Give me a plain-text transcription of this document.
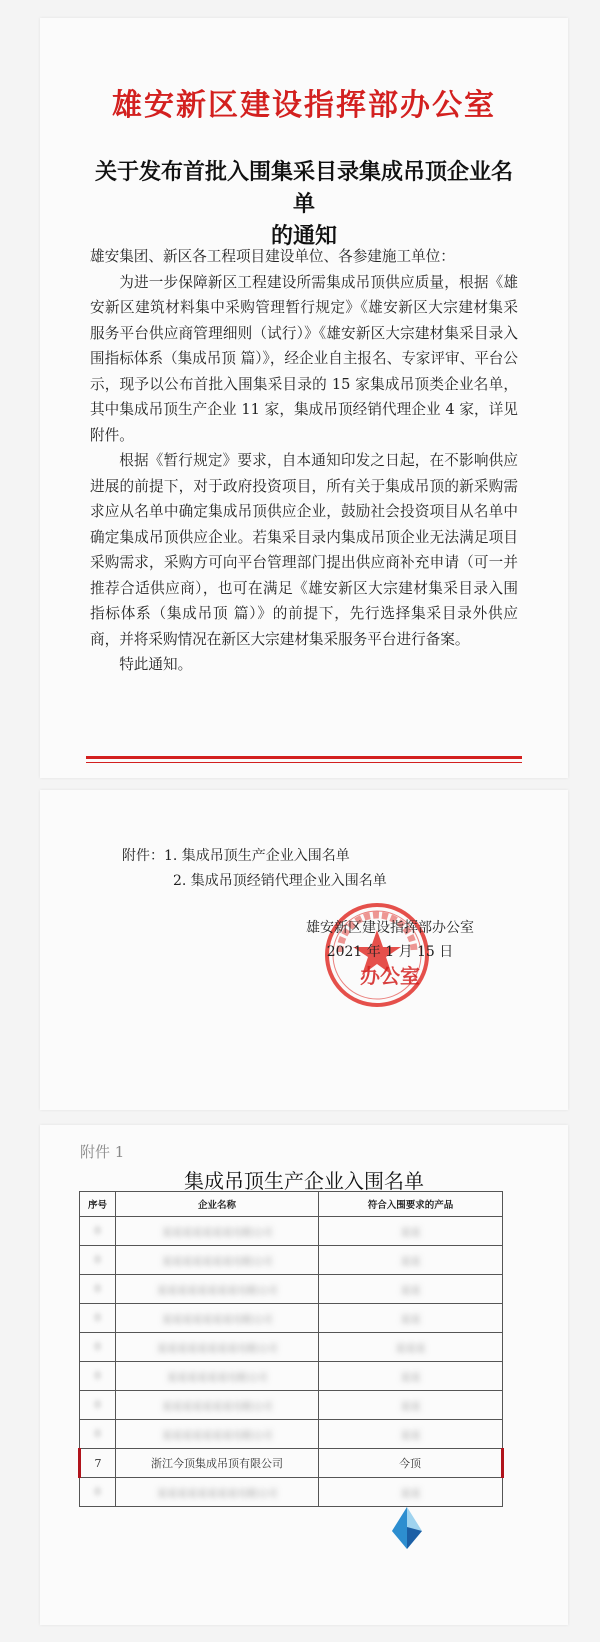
雄安新区建设指挥部办公室
关于发布首批入围集采目录集成吊顶企业名单
的通知

雄安集团、新区各工程项目建设单位、各参建施工单位：

为进一步保障新区工程建设所需集成吊顶供应质量，根据《雄安新区建筑材料集中采购管理暂行规定》《雄安新区大宗建材集采服务平台供应商管理细则（试行）》《雄安新区大宗建材集采目录入围指标体系（集成吊顶 篇）》，经企业自主报名、专家评审、平台公示，现予以公布首批入围集采目录的 15 家集成吊顶类企业名单，其中集成吊顶生产企业 11 家，集成吊顶经销代理企业 4 家，详见附件。

根据《暂行规定》要求，自本通知印发之日起，在不影响供应进展的前提下，对于政府投资项目，所有关于集成吊顶的新采购需求应从名单中确定集成吊顶供应企业，鼓励社会投资项目从名单中确定集成吊顶供应企业。若集采目录内集成吊顶企业无法满足项目采购需求，采购方可向平台管理部门提出供应商补充申请（可一并推荐合适供应商），也可在满足《雄安新区大宗建材集采目录入围指标体系（集成吊顶 篇）》的前提下，先行选择集采目录外供应商，并将采购情况在新区大宗建材集采服务平台进行备案。

特此通知。

附件：1. 集成吊顶生产企业入围名单
2. 集成吊顶经销代理企业入围名单
雄安新区建设指挥部办公室
2021 年 1 月 15 日
办公室
附件 1
集成吊顶生产企业入围名单
序号	企业名称	符合入围要求的产品
0	某某某某某某某有限公司	某某
0	某某某某某某某有限公司	某某
0	某某某某某某某某有限公司	某某
0	某某某某某某某有限公司	某某
0	某某某某某某某某有限公司	某某某
0	某某某某某某有限公司	某某
0	某某某某某某某有限公司	某某
0	某某某某某某某有限公司	某某
7	浙江今顶集成吊顶有限公司	今顶
0	某某某某某某某某有限公司	某某
